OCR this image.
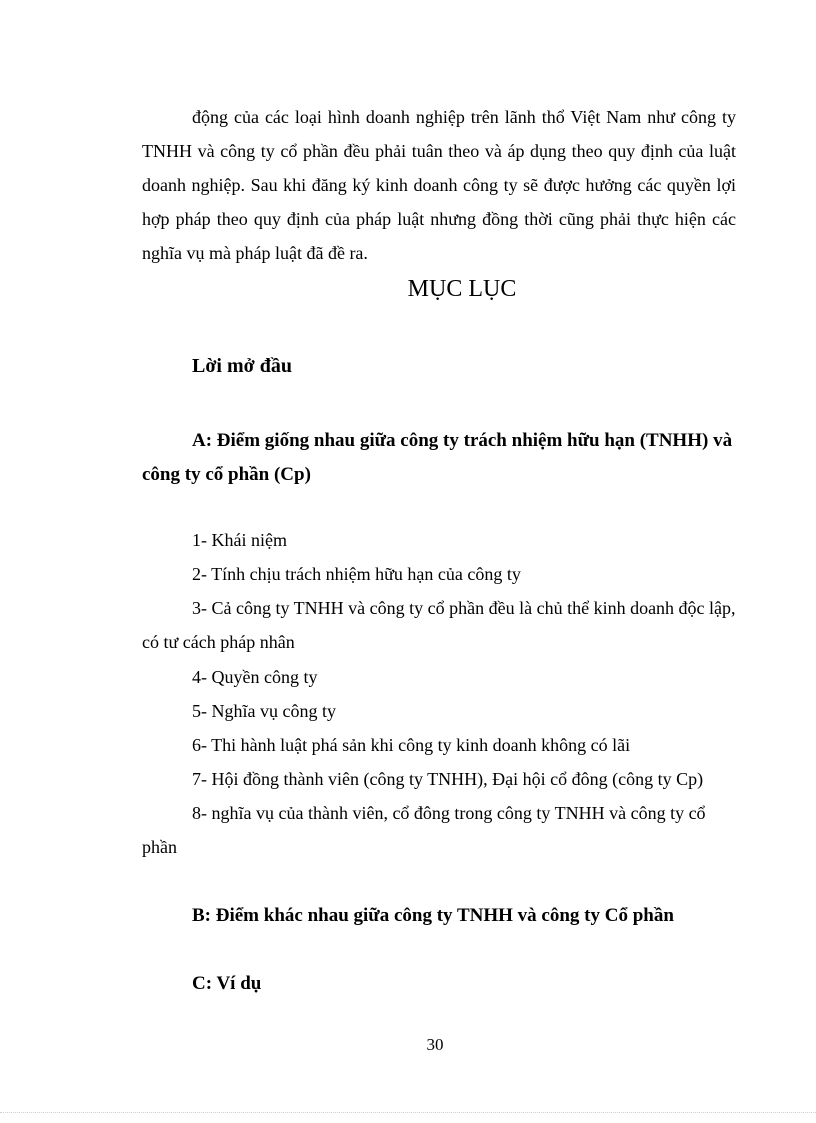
động của các loại hình doanh nghiệp trên lãnh thổ Việt Nam như công ty TNHH và công ty cổ phần đều phải tuân theo và áp dụng theo quy định của luật doanh nghiệp. Sau khi đăng ký kinh doanh công ty sẽ được hưởng các quyền lợi hợp pháp theo quy định của pháp luật nhưng đồng thời cũng phải thực hiện các nghĩa vụ mà pháp luật đã đề ra.
MỤC LỤC
Lời mở đầu
A: Điểm giống nhau giữa công ty trách nhiệm hữu hạn (TNHH) và công ty cổ phần (Cp)
1- Khái niệm
2- Tính chịu trách nhiệm hữu hạn của công ty
3- Cả công ty TNHH và công ty cổ phần đều là chủ thể kinh doanh độc lập, có tư cách pháp nhân
4- Quyền công ty
5- Nghĩa vụ công ty
6- Thi hành luật phá sản khi công ty kinh doanh không có lãi
7- Hội đồng thành viên (công ty TNHH), Đại hội cổ đông (công ty Cp)
8- nghĩa vụ của thành viên, cổ đông trong công ty TNHH và công ty cổ phần
B: Điểm khác nhau giữa công ty TNHH và công ty Cổ phần
C: Ví dụ
30
